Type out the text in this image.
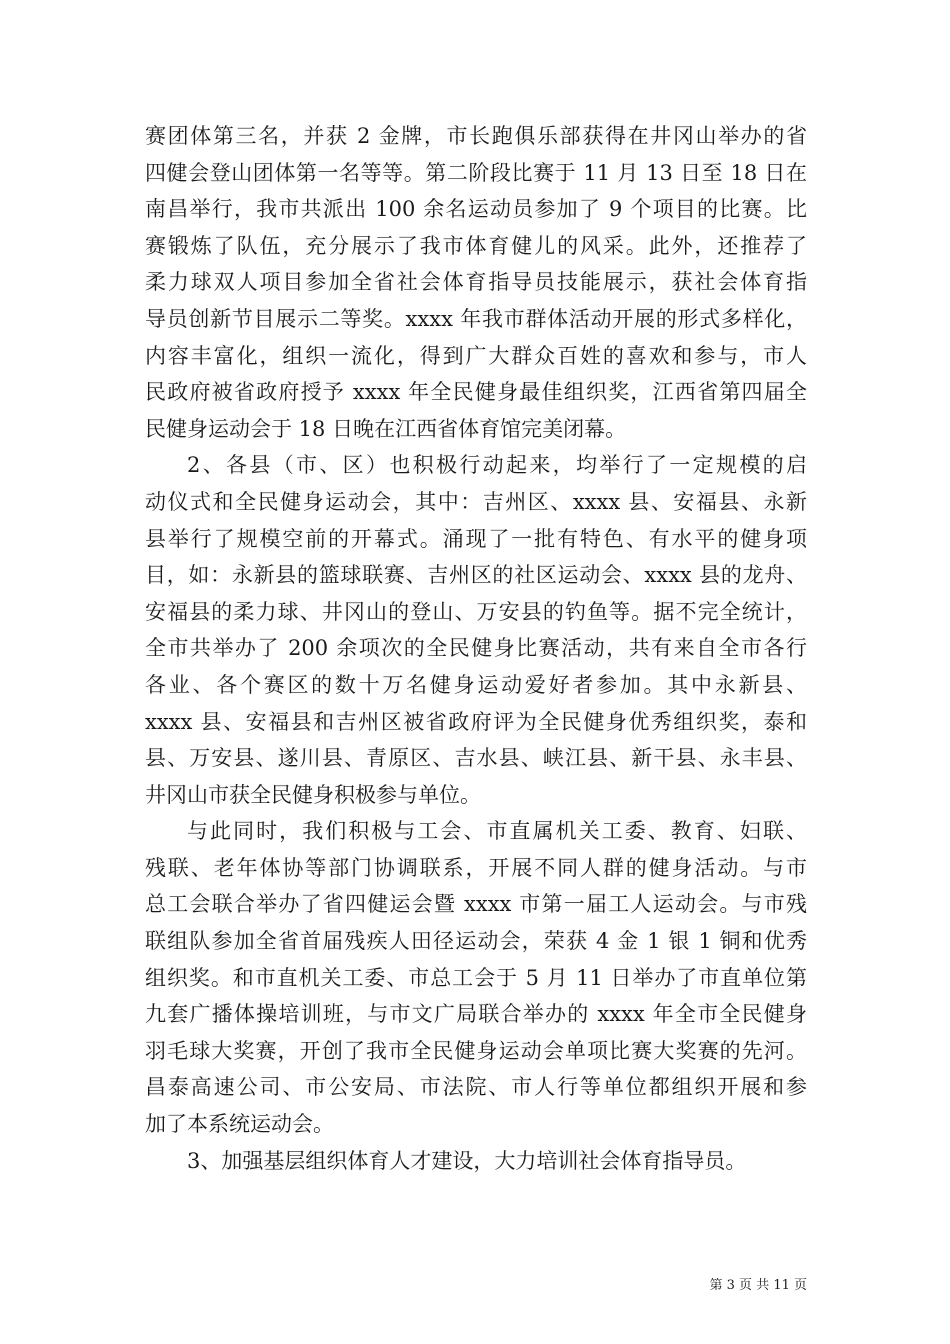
赛团体第三名，并获 2 金牌，市长跑俱乐部获得在井冈山举办的省
四健会登山团体第一名等等。第二阶段比赛于 11 月 13 日至 18 日在
南昌举行，我市共派出 100 余名运动员参加了 9 个项目的比赛。比
赛锻炼了队伍，充分展示了我市体育健儿的风采。此外，还推荐了
柔力球双人项目参加全省社会体育指导员技能展示，获社会体育指
导员创新节目展示二等奖。xxxx 年我市群体活动开展的形式多样化，
内容丰富化，组织一流化，得到广大群众百姓的喜欢和参与，市人
民政府被省政府授予 xxxx 年全民健身最佳组织奖，江西省第四届全
民健身运动会于 18 日晚在江西省体育馆完美闭幕。
2、各县（市、区）也积极行动起来，均举行了一定规模的启
动仪式和全民健身运动会，其中：吉州区、xxxx 县、安福县、永新
县举行了规模空前的开幕式。涌现了一批有特色、有水平的健身项
目，如：永新县的篮球联赛、吉州区的社区运动会、xxxx 县的龙舟、
安福县的柔力球、井冈山的登山、万安县的钓鱼等。据不完全统计，
全市共举办了 200 余项次的全民健身比赛活动，共有来自全市各行
各业、各个赛区的数十万名健身运动爱好者参加。其中永新县、
xxxx 县、安福县和吉州区被省政府评为全民健身优秀组织奖，泰和
县、万安县、遂川县、青原区、吉水县、峡江县、新干县、永丰县、
井冈山市获全民健身积极参与单位。
与此同时，我们积极与工会、市直属机关工委、教育、妇联、
残联、老年体协等部门协调联系，开展不同人群的健身活动。与市
总工会联合举办了省四健运会暨 xxxx 市第一届工人运动会。与市残
联组队参加全省首届残疾人田径运动会，荣获 4 金 1 银 1 铜和优秀
组织奖。和市直机关工委、市总工会于 5 月 11 日举办了市直单位第
九套广播体操培训班，与市文广局联合举办的 xxxx 年全市全民健身
羽毛球大奖赛，开创了我市全民健身运动会单项比赛大奖赛的先河。
昌泰高速公司、市公安局、市法院、市人行等单位都组织开展和参
加了本系统运动会。
3、加强基层组织体育人才建设，大力培训社会体育指导员。
第 3 页 共 11 页
